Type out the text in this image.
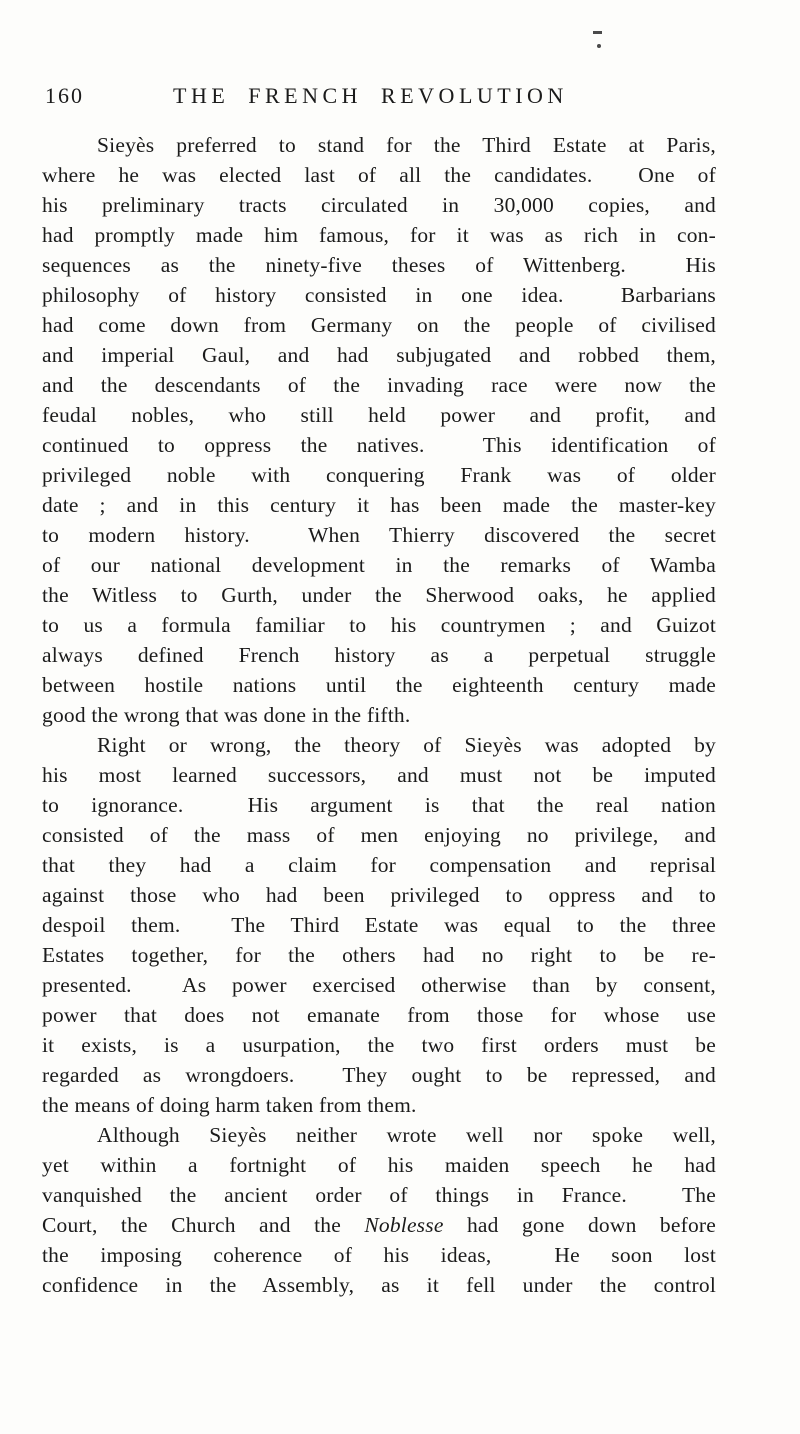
160	THE FRENCH REVOLUTION
Sieyès preferred to stand for the Third Estate at Paris,
where he was elected last of all the candidates.  One of
his preliminary tracts circulated in 30,000 copies, and
had promptly made him famous, for it was as rich in con-
sequences as the ninety-five theses of Wittenberg.  His
philosophy of history consisted in one idea.  Barbarians
had come down from Germany on the people of civilised
and imperial Gaul, and had subjugated and robbed them,
and the descendants of the invading race were now the
feudal nobles, who still held power and profit, and
continued to oppress the natives.  This identification of
privileged noble with conquering Frank was of older
date ; and in this century it has been made the master-key
to modern history.  When Thierry discovered the secret
of our national development in the remarks of Wamba
the Witless to Gurth, under the Sherwood oaks, he applied
to us a formula familiar to his countrymen ; and Guizot
always defined French history as a perpetual struggle
between hostile nations until the eighteenth century made
good the wrong that was done in the fifth.
Right or wrong, the theory of Sieyès was adopted by
his most learned successors, and must not be imputed
to ignorance.  His argument is that the real nation
consisted of the mass of men enjoying no privilege, and
that they had a claim for compensation and reprisal
against those who had been privileged to oppress and to
despoil them.  The Third Estate was equal to the three
Estates together, for the others had no right to be re-
presented.  As power exercised otherwise than by consent,
power that does not emanate from those for whose use
it exists, is a usurpation, the two first orders must be
regarded as wrongdoers.  They ought to be repressed, and
the means of doing harm taken from them.
Although Sieyès neither wrote well nor spoke well,
yet within a fortnight of his maiden speech he had
vanquished the ancient order of things in France.  The
Court, the Church and the Noblesse had gone down before
the imposing coherence of his ideas,  He soon lost
confidence in the Assembly, as it fell under the control
